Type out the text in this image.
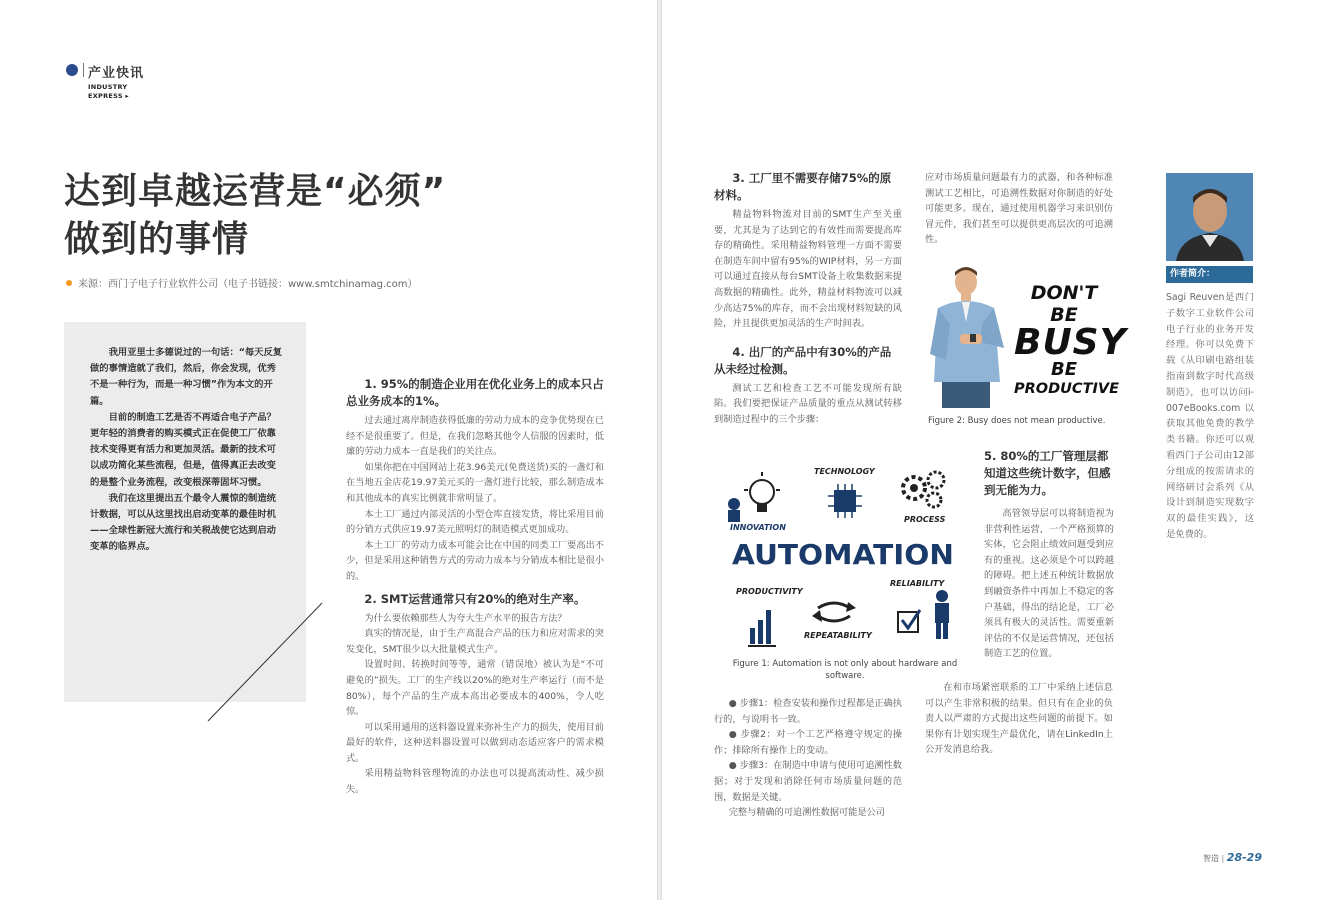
产业快讯
INDUSTRY
EXPRESS ▸
达到卓越运营是“必须”
做到的事情
来源：西门子电子行业软件公司（电子书链接：www.smtchinamag.com）

我用亚里士多德说过的一句话：“每天反复做的事情造就了我们，然后，你会发现，优秀不是一种行为，而是一种习惯”作为本文的开篇。

目前的制造工艺是否不再适合电子产品？更年轻的消费者的购买模式正在促使工厂依靠技术变得更有活力和更加灵活。最新的技术可以成功简化某些流程，但是，值得真正去改变的是整个业务流程，改变根深蒂固坏习惯。

我们在这里提出五个最令人震惊的制造统计数据，可以从这里找出启动变革的最佳时机——全球性新冠大流行和关税战使它达到启动变革的临界点。

1. 95%的制造企业用在优化业务上的成本只占总业务成本的1%。

过去通过离岸制造获得低廉的劳动力成本的竞争优势现在已经不是很重要了。但是，在我们忽略其他令人信服的因素时，低廉的劳动力成本一直是我们的关注点。

如果你把在中国网站上花3.96美元(免费送货)买的一盏灯和在当地五金店花19.97美元买的一盏灯进行比较，那么制造成本和其他成本的真实比例就非常明显了。

本土工厂通过内部灵活的小型仓库直接发货，将比采用目前的分销方式供应19.97美元照明灯的制造模式更加成功。

本土工厂的劳动力成本可能会比在中国的同类工厂要高出不少，但是采用这种销售方式的劳动力成本与分销成本相比是很小的。

2. SMT运营通常只有20%的绝对生产率。

为什么要依赖那些人为夸大生产水平的报告方法？

真实的情况是，由于生产高混合产品的压力和应对需求的突发变化，SMT很少以大批量模式生产。

设置时间、转换时间等等，通常（错误地）被认为是“不可避免的”损失。工厂的生产线以20%的绝对生产率运行（而不是80%），每个产品的生产成本高出必要成本的400%，令人吃惊。

可以采用通用的送料器设置来弥补生产力的损失，使用目前最好的软件，这种送料器设置可以做到动态适应客户的需求模式。

采用精益物料管理物流的办法也可以提高流动性、减少损失。

3. 工厂里不需要存储75%的原材料。

精益物料物流对目前的SMT生产至关重要，尤其是为了达到它的有效性而需要提高库存的精确性。采用精益物料管理一方面不需要在制造车间中留有95%的WIP材料，另一方面可以通过直接从每台SMT设备上收集数据来提高数据的精确性。此外，精益材料物流可以减少高达75%的库存，而不会出现材料短缺的风险，并且提供更加灵活的生产时间表。

4. 出厂的产品中有30%的产品从未经过检测。

测试工艺和检查工艺不可能发现所有缺陷。我们要把保证产品质量的重点从测试转移到制造过程中的三个步骤：

应对市场质量问题最有力的武器，和各种标准测试工艺相比，可追溯性数据对你制造的好处可能更多。现在，通过使用机器学习来识别仿冒元件，我们甚至可以提供更高层次的可追溯性。

DON'T BE
BUSY
BE
PRODUCTIVE
Figure 2: Busy does not mean productive.
5. 80%的工厂管理层都知道这些统计数字，但感到无能为力。

高管领导层可以将制造视为非营利性运营，一个严格预算的实体，它会阻止绩效问题受到应有的重视。这必须是个可以跨越的障碍。把上述五种统计数据放到融资条件中再加上不稳定的客户基础，得出的结论是，工厂必须具有极大的灵活性。需要重新评估的不仅是运营情况，还包括制造工艺的位置。

在和市场紧密联系的工厂中采纳上述信息可以产生非常积极的结果。但只有在企业的负责人以严肃的方式提出这些问题的前提下。如果你有计划实现生产最优化，请在LinkedIn上公开发消息给我。

INNOVATION
TECHNOLOGY
PROCESS
AUTOMATION
PRODUCTIVITY
RELIABILITY
REPEATABILITY
Figure 1: Automation is not only about hardware and software.

● 步骤1：检查安装和操作过程都是正确执行的，与说明书一致。

● 步骤2：对一个工艺严格遵守规定的操作；排除所有操作上的变动。

● 步骤3：在制造中申请与使用可追溯性数据；对于发现和消除任何市场质量问题的范围，数据是关键。

完整与精确的可追溯性数据可能是公司

作者简介：
Sagi Reuven是西门子数字工业软件公司电子行业的业务开发经理。你可以免费下载《从印刷电路组装指南到数字时代高级制造》，也可以访问i-007eBooks.com以获取其他免费的教学类书籍。你还可以观看西门子公司由12部分组成的按需请求的网络研讨会系列《从设计到制造实现数字双的最佳实践》，这是免费的。
智造 | 28-29
